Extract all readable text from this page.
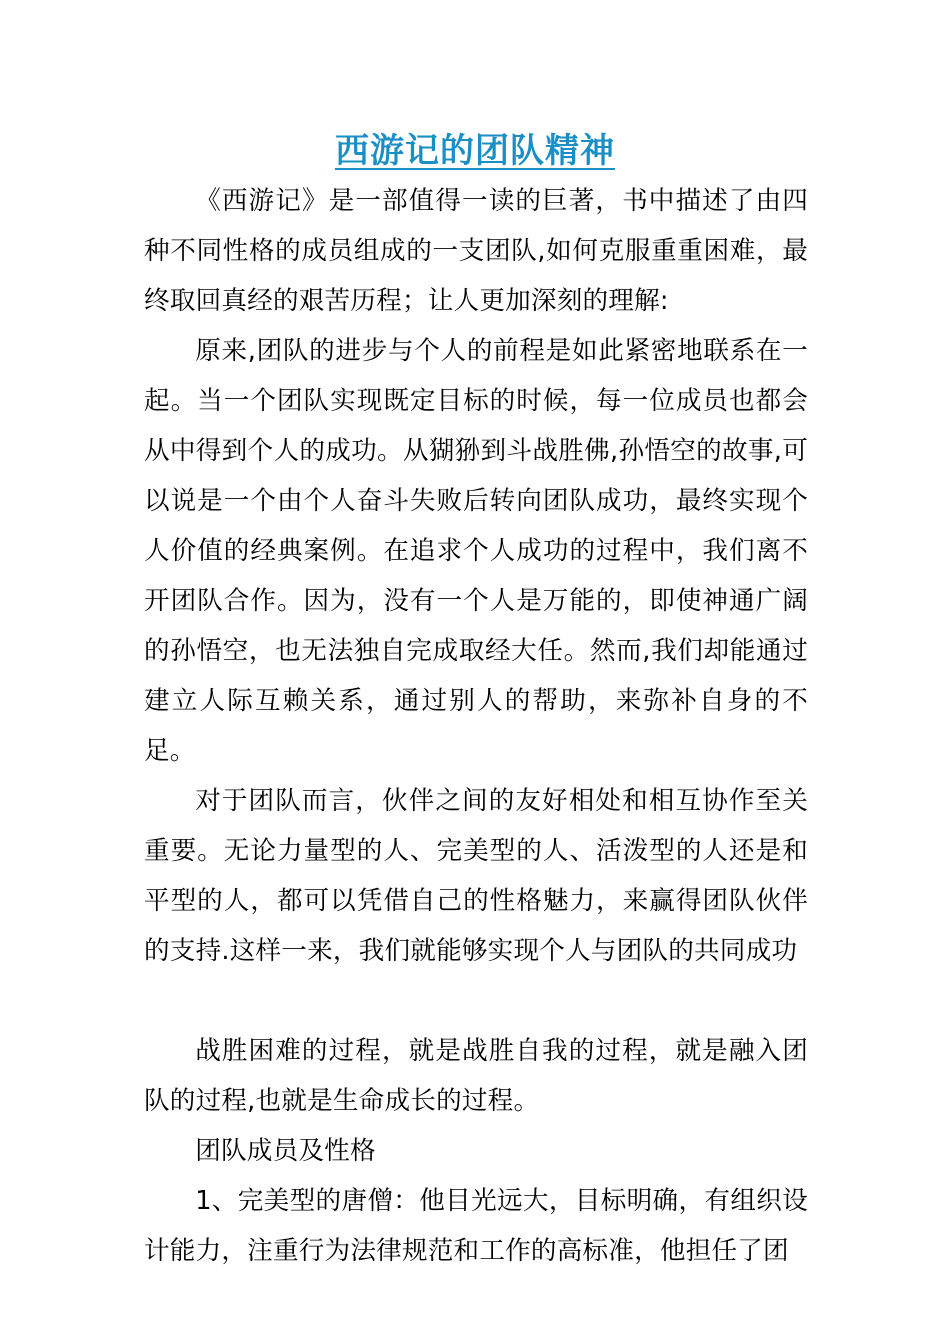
西游记的团队精神

《西游记》是一部值得一读的巨著，书中描述了由四种不同性格的成员组成的一支团队,如何克服重重困难，最终取回真经的艰苦历程；让人更加深刻的理解:

原来,团队的进步与个人的前程是如此紧密地联系在一起。当一个团队实现既定目标的时候，每一位成员也都会从中得到个人的成功。从猢狲到斗战胜佛,孙悟空的故事,可以说是一个由个人奋斗失败后转向团队成功，最终实现个人价值的经典案例。在追求个人成功的过程中，我们离不开团队合作。因为，没有一个人是万能的，即使神通广阔的孙悟空，也无法独自完成取经大任。然而,我们却能通过建立人际互赖关系，通过别人的帮助，来弥补自身的不足。

对于团队而言，伙伴之间的友好相处和相互协作至关重要。无论力量型的人、完美型的人、活泼型的人还是和平型的人，都可以凭借自己的性格魅力，来赢得团队伙伴的支持.这样一来，我们就能够实现个人与团队的共同成功

战胜困难的过程，就是战胜自我的过程，就是融入团队的过程,也就是生命成长的过程。

团队成员及性格

1、完美型的唐僧：他目光远大，目标明确，有组织设计能力，注重行为法律规范和工作的高标准，他担任了团
